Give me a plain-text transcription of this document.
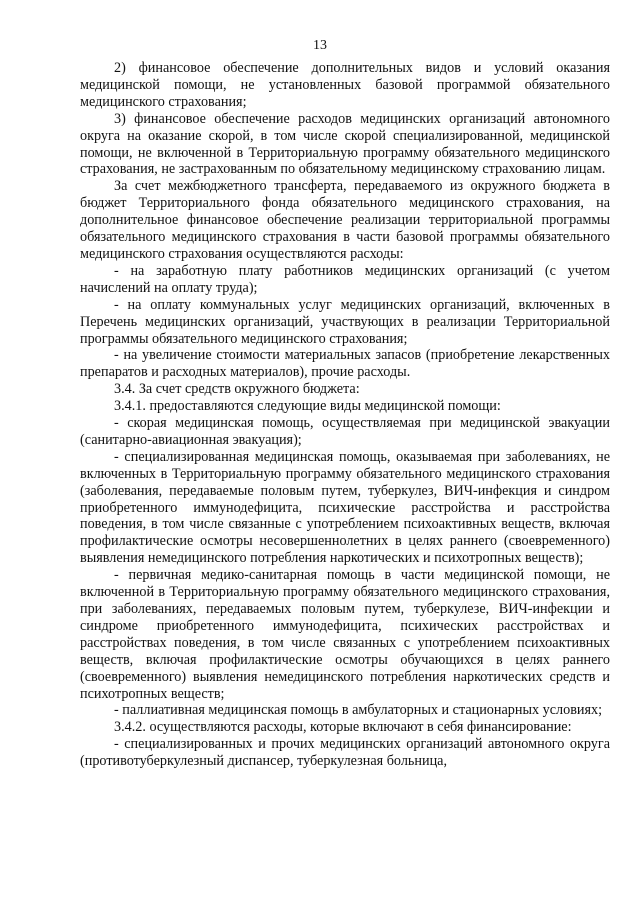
13

2) финансовое обеспечение дополнительных видов и условий оказания медицинской помощи, не установленных базовой программой обязательного медицинского страхования;

3) финансовое обеспечение расходов медицинских организаций автономного округа на оказание скорой, в том числе скорой специализированной, медицинской помощи, не включенной в Территориальную программу обязательного медицинского страхования, не застрахованным по обязательному медицинскому страхованию лицам.

За счет межбюджетного трансферта, передаваемого из окружного бюджета в бюджет Территориального фонда обязательного медицинского страхования, на дополнительное финансовое обеспечение реализации территориальной программы обязательного медицинского страхования в части базовой программы обязательного медицинского страхования осуществляются расходы:

- на заработную плату работников медицинских организаций (с учетом начислений на оплату труда);

- на оплату коммунальных услуг медицинских организаций, включенных в Перечень медицинских организаций, участвующих в реализации Территориальной программы обязательного медицинского страхования;

- на увеличение стоимости материальных запасов (приобретение лекарственных препаратов и расходных материалов), прочие расходы.

3.4. За счет средств окружного бюджета:

3.4.1. предоставляются следующие виды медицинской помощи:

- скорая медицинская помощь, осуществляемая при медицинской эвакуации (санитарно-авиационная эвакуация);

- специализированная медицинская помощь, оказываемая при заболеваниях, не включенных в Территориальную программу обязательного медицинского страхования (заболевания, передаваемые половым путем, туберкулез, ВИЧ-инфекция и синдром приобретенного иммунодефицита, психические расстройства и расстройства поведения, в том числе связанные с употреблением психоактивных веществ, включая профилактические осмотры несовершеннолетних в целях раннего (своевременного) выявления немедицинского потребления наркотических и психотропных веществ);

- первичная медико-санитарная помощь в части медицинской помощи, не включенной в Территориальную программу обязательного медицинского страхования, при заболеваниях, передаваемых половым путем, туберкулезе, ВИЧ-инфекции и синдроме приобретенного иммунодефицита, психических расстройствах и расстройствах поведения, в том числе связанных с употреблением психоактивных веществ, включая профилактические осмотры обучающихся в целях раннего (своевременного) выявления немедицинского потребления наркотических средств и психотропных веществ;

- паллиативная медицинская помощь в амбулаторных и стационарных условиях;

3.4.2. осуществляются расходы, которые включают в себя финансирование:

- специализированных и прочих медицинских организаций автономного округа (противотуберкулезный диспансер, туберкулезная больница,
